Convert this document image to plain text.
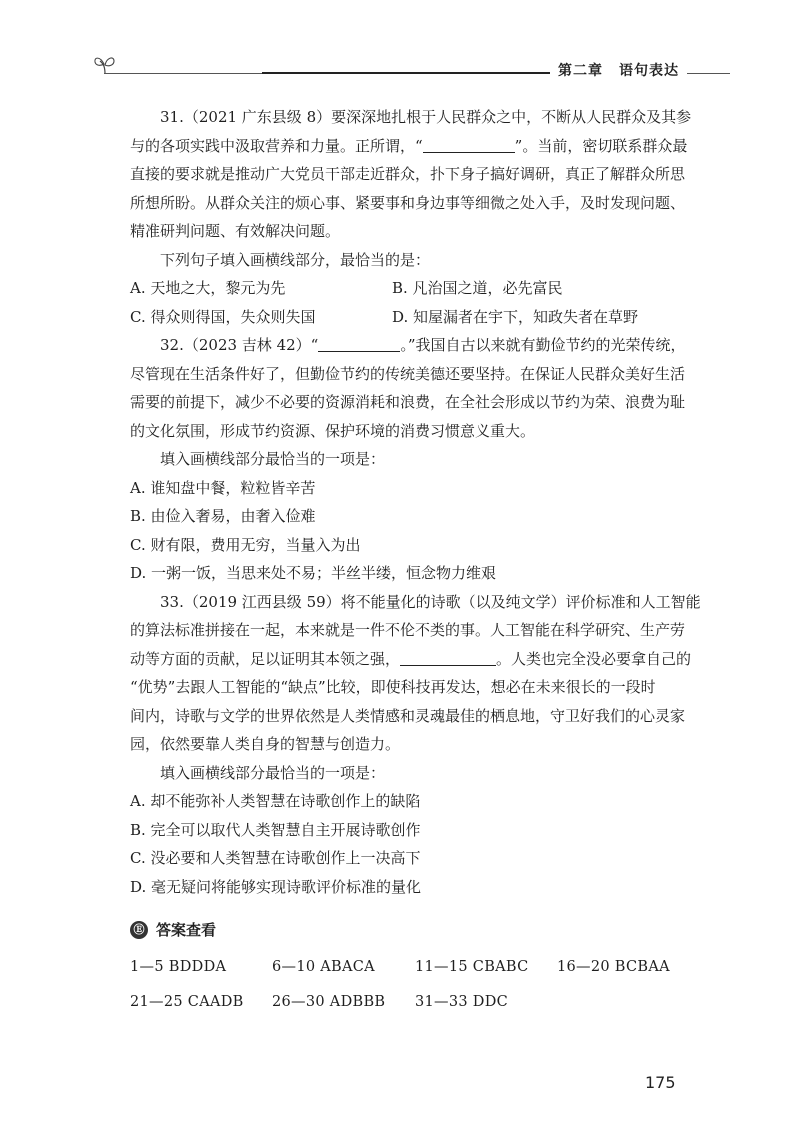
第二章 语句表达

31.（2021 广东县级 8）要深深地扎根于人民群众之中，不断从人民群众及其参

与的各项实践中汲取营养和力量。正所谓，“	”。当前，密切联系群众最

直接的要求就是推动广大党员干部走近群众，扑下身子搞好调研，真正了解群众所思

所想所盼。从群众关注的烦心事、紧要事和身边事等细微之处入手，及时发现问题、

精准研判问题、有效解决问题。

下列句子填入画横线部分，最恰当的是：

A. 天地之大，黎元为先	B. 凡治国之道，必先富民
C. 得众则得国，失众则失国	D. 知屋漏者在宇下，知政失者在草野

32.（2023 吉林 42）“	。”我国自古以来就有勤俭节约的光荣传统，

尽管现在生活条件好了，但勤俭节约的传统美德还要坚持。在保证人民群众美好生活

需要的前提下，减少不必要的资源消耗和浪费，在全社会形成以节约为荣、浪费为耻

的文化氛围，形成节约资源、保护环境的消费习惯意义重大。

填入画横线部分最恰当的一项是：

A. 谁知盘中餐，粒粒皆辛苦

B. 由俭入奢易，由奢入俭难

C. 财有限，费用无穷，当量入为出

D. 一粥一饭，当思来处不易；半丝半缕，恒念物力维艰

33.（2019 江西县级 59）将不能量化的诗歌（以及纯文学）评价标准和人工智能

的算法标准拼接在一起，本来就是一件不伦不类的事。人工智能在科学研究、生产劳

动等方面的贡献，足以证明其本领之强，	。人类也完全没必要拿自己的

“优势”去跟人工智能的“缺点”比较，即使科技再发达，想必在未来很长的一段时

间内，诗歌与文学的世界依然是人类情感和灵魂最佳的栖息地，守卫好我们的心灵家

园，依然要靠人类自身的智慧与创造力。

填入画横线部分最恰当的一项是：

A. 却不能弥补人类智慧在诗歌创作上的缺陷

B. 完全可以取代人类智慧自主开展诗歌创作

C. 没必要和人类智慧在诗歌创作上一决高下

D. 毫无疑问将能够实现诗歌评价标准的量化

Ⓔ 答案查看
1—5 BDDDA	6—10 ABACA	11—15 CBABC	16—20 BCBAA
21—25 CAADB	26—30 ADBBB	31—33 DDC
175
